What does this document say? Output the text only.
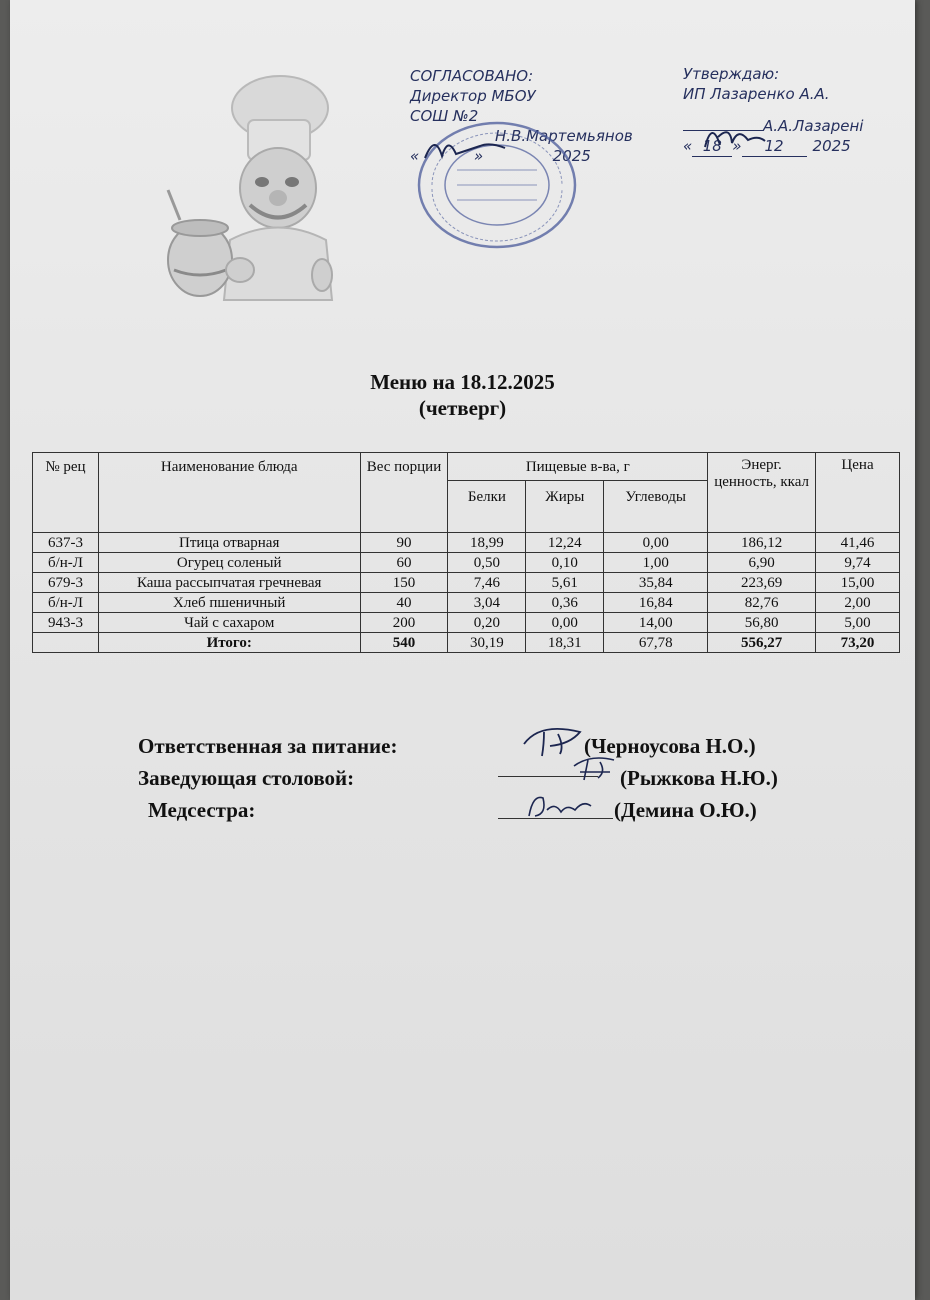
СОГЛАСОВАНО:
Директор МБОУ
СОШ №2
Н.В.Мартемьянов
«	»	2025
Утверждаю:
ИП Лазаренко А.А.
А.А.Лазарені
« 18 » 12 2025
Меню на 18.12.2025
(четверг)
№ рец	Наименование блюда	Вес порции	Пищевые в-ва, г			Энерг. ценность, ккал	Цена
			Белки	Жиры	Углеводы		
637-3	Птица отварная	90	18,99	12,24	0,00	186,12	41,46
б/н-Л	Огурец соленый	60	0,50	0,10	1,00	6,90	9,74
679-3	Каша рассыпчатая гречневая	150	7,46	5,61	35,84	223,69	15,00
б/н-Л	Хлеб пшеничный	40	3,04	0,36	16,84	82,76	2,00
943-3	Чай с сахаром	200	0,20	0,00	14,00	56,80	5,00
	Итого:	540	30,19	18,31	67,78	556,27	73,20
Ответственная за питание:	(Черноусова Н.О.)
Заведующая столовой:	(Рыжкова Н.Ю.)
Медсестра:	(Демина О.Ю.)
